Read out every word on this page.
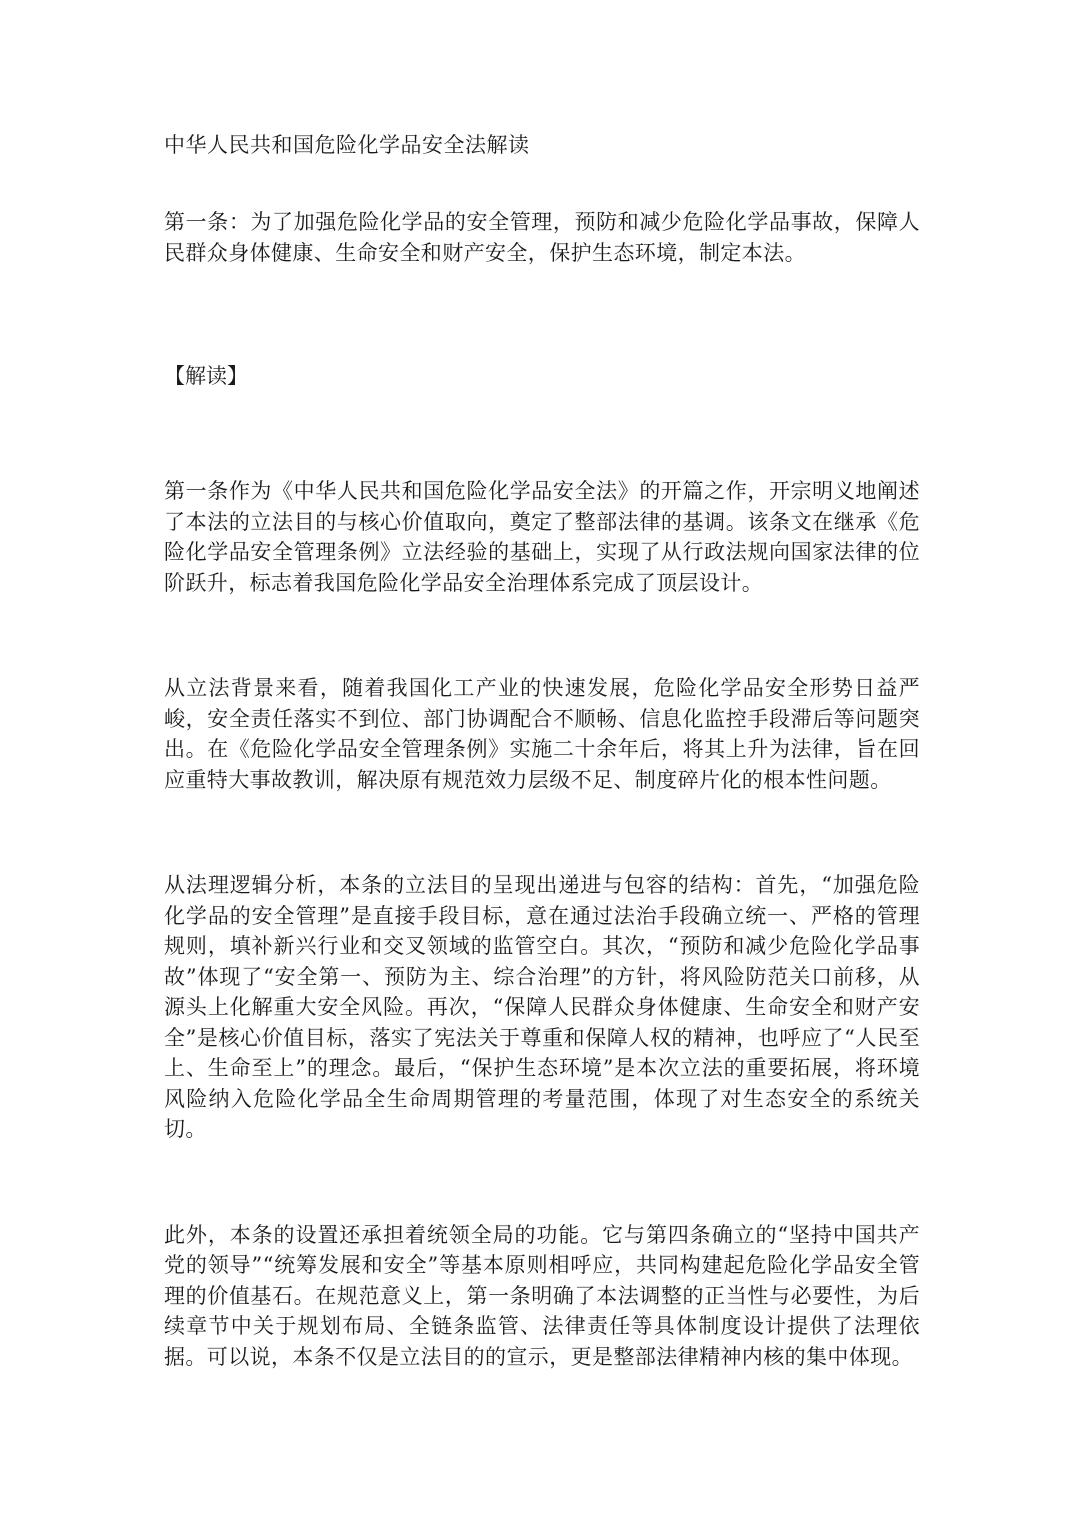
中华人民共和国危险化学品安全法解读

第一条：为了加强危险化学品的安全管理，预防和减少危险化学品事故，保障人民群众身体健康、生命安全和财产安全，保护生态环境，制定本法。

【解读】

第一条作为《中华人民共和国危险化学品安全法》的开篇之作，开宗明义地阐述了本法的立法目的与核心价值取向，奠定了整部法律的基调。该条文在继承《危险化学品安全管理条例》立法经验的基础上，实现了从行政法规向国家法律的位阶跃升，标志着我国危险化学品安全治理体系完成了顶层设计。

从立法背景来看，随着我国化工产业的快速发展，危险化学品安全形势日益严峻，安全责任落实不到位、部门协调配合不顺畅、信息化监控手段滞后等问题突出。在《危险化学品安全管理条例》实施二十余年后，将其上升为法律，旨在回应重特大事故教训，解决原有规范效力层级不足、制度碎片化的根本性问题。

从法理逻辑分析，本条的立法目的呈现出递进与包容的结构：首先，“加强危险化学品的安全管理”是直接手段目标，意在通过法治手段确立统一、严格的管理规则，填补新兴行业和交叉领域的监管空白。其次，“预防和减少危险化学品事故”体现了“安全第一、预防为主、综合治理”的方针，将风险防范关口前移，从源头上化解重大安全风险。再次，“保障人民群众身体健康、生命安全和财产安全”是核心价值目标，落实了宪法关于尊重和保障人权的精神，也呼应了“人民至上、生命至上”的理念。最后，“保护生态环境”是本次立法的重要拓展，将环境风险纳入危险化学品全生命周期管理的考量范围，体现了对生态安全的系统关切。

此外，本条的设置还承担着统领全局的功能。它与第四条确立的“坚持中国共产党的领导”“统筹发展和安全”等基本原则相呼应，共同构建起危险化学品安全管理的价值基石。在规范意义上，第一条明确了本法调整的正当性与必要性，为后续章节中关于规划布局、全链条监管、法律责任等具体制度设计提供了法理依据。可以说，本条不仅是立法目的的宣示，更是整部法律精神内核的集中体现。
